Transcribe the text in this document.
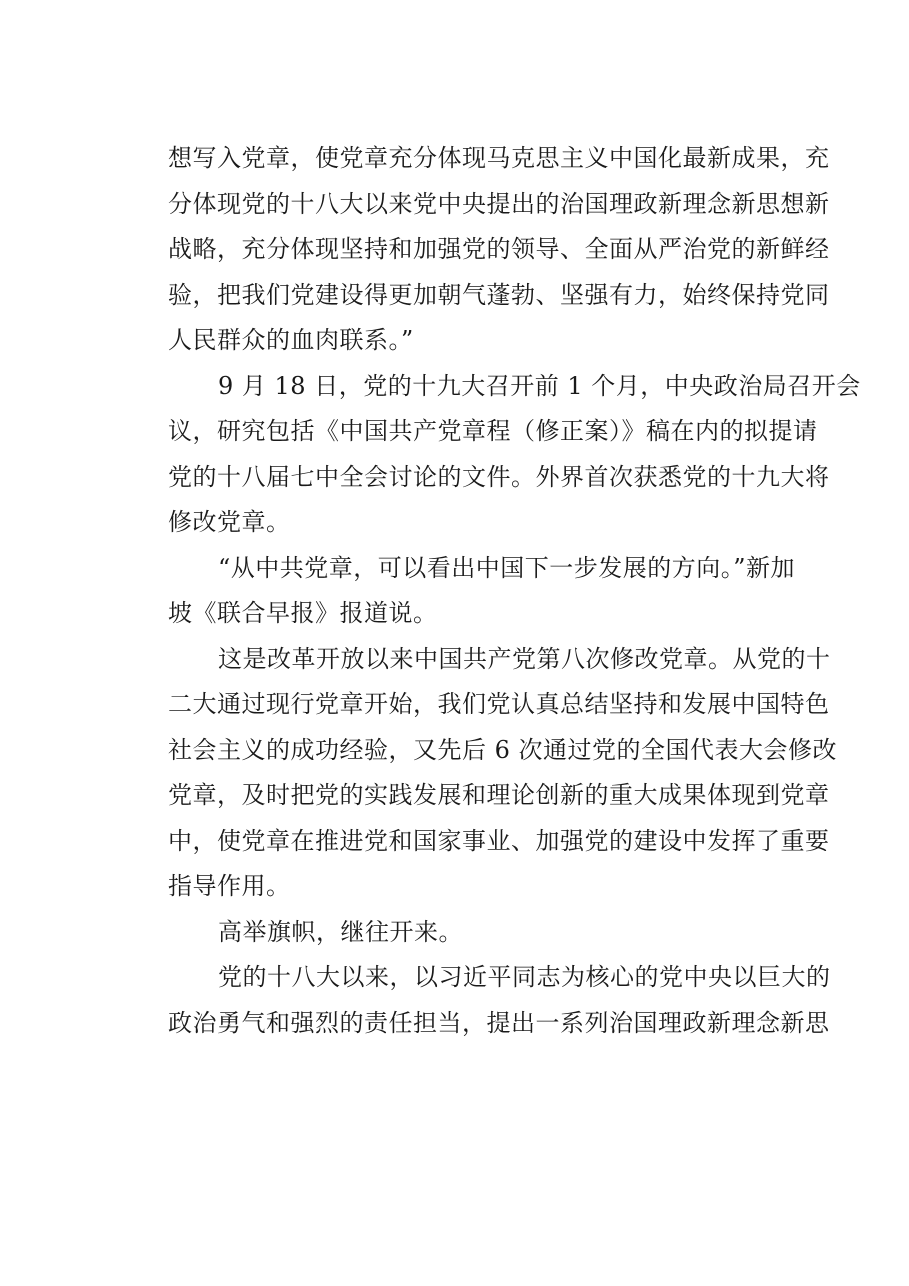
想写入党章，使党章充分体现马克思主义中国化最新成果，充
分体现党的十八大以来党中央提出的治国理政新理念新思想新
战略，充分体现坚持和加强党的领导、全面从严治党的新鲜经
验，把我们党建设得更加朝气蓬勃、坚强有力，始终保持党同
人民群众的血肉联系。”
9 月 18 日，党的十九大召开前 1 个月，中央政治局召开会
议，研究包括《中国共产党章程（修正案）》稿在内的拟提请
党的十八届七中全会讨论的文件。外界首次获悉党的十九大将
修改党章。
“从中共党章，可以看出中国下一步发展的方向。”新加
坡《联合早报》报道说。
这是改革开放以来中国共产党第八次修改党章。从党的十
二大通过现行党章开始，我们党认真总结坚持和发展中国特色
社会主义的成功经验，又先后 6 次通过党的全国代表大会修改
党章，及时把党的实践发展和理论创新的重大成果体现到党章
中，使党章在推进党和国家事业、加强党的建设中发挥了重要
指导作用。
高举旗帜，继往开来。
党的十八大以来，以习近平同志为核心的党中央以巨大的
政治勇气和强烈的责任担当，提出一系列治国理政新理念新思
